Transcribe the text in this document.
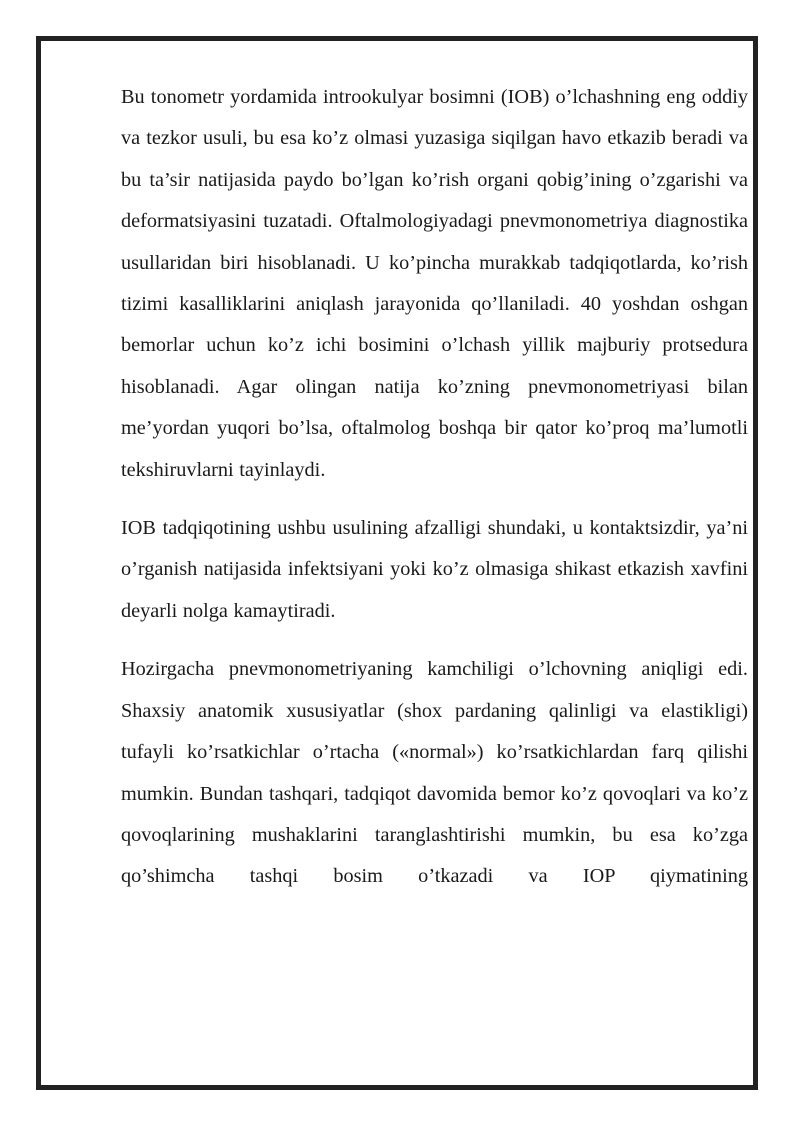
Bu tonometr yordamida introokulyar bosimni (IOB) o’lchashning eng oddiy va tezkor usuli, bu esa ko’z olmasi yuzasiga siqilgan havo etkazib beradi va bu ta’sir natijasida paydo bo’lgan ko’rish organi qobig’ining o’zgarishi va deformatsiyasini tuzatadi. Oftalmologiyadagi pnevmonometriya diagnostika usullaridan biri hisoblanadi. U ko’pincha murakkab tadqiqotlarda, ko’rish tizimi kasalliklarini aniqlash jarayonida qo’llaniladi. 40 yoshdan oshgan bemorlar uchun ko’z ichi bosimini o’lchash yillik majburiy protsedura hisoblanadi. Agar olingan natija ko’zning pnevmonometriyasi bilan me’yordan yuqori bo’lsa, oftalmolog boshqa bir qator ko’proq ma’lumotli tekshiruvlarni tayinlaydi.

IOB tadqiqotining ushbu usulining afzalligi shundaki, u kontaktsizdir, ya’ni o’rganish natijasida infektsiyani yoki ko’z olmasiga shikast etkazish xavfini deyarli nolga kamaytiradi.

Hozirgacha pnevmonometriyaning kamchiligi o’lchovning aniqligi edi. Shaxsiy anatomik xususiyatlar (shox pardaning qalinligi va elastikligi) tufayli ko’rsatkichlar o’rtacha («normal») ko’rsatkichlardan farq qilishi mumkin. Bundan tashqari, tadqiqot davomida bemor ko’z qovoqlari va ko’z qovoqlarining mushaklarini taranglashtirishi mumkin, bu esa ko’zga qo’shimcha tashqi bosim o’tkazadi va IOP qiymatining
